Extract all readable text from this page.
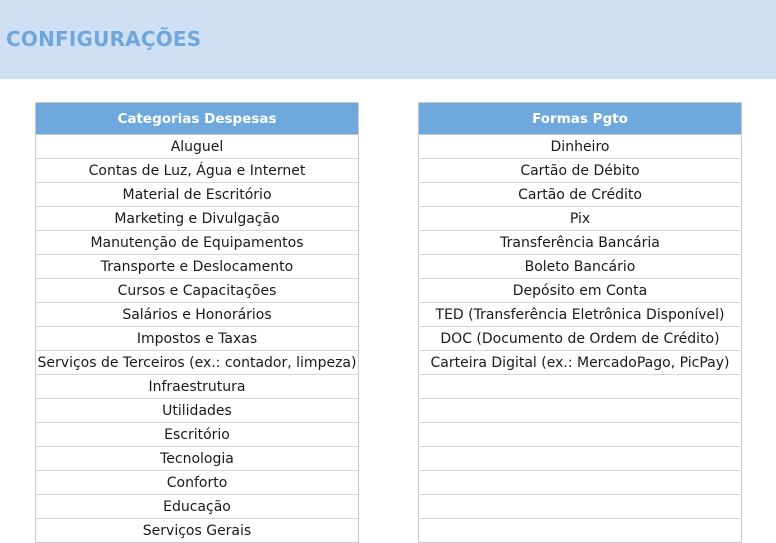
CONFIGURAÇÕES
Categorias Despesas
Aluguel
Contas de Luz, Água e Internet
Material de Escritório
Marketing e Divulgação
Manutenção de Equipamentos
Transporte e Deslocamento
Cursos e Capacitações
Salários e Honorários
Impostos e Taxas
Serviços de Terceiros (ex.: contador, limpeza)
Infraestrutura
Utilidades
Escritório
Tecnologia
Conforto
Educação
Serviços Gerais
Formas Pgto
Dinheiro
Cartão de Débito
Cartão de Crédito
Pix
Transferência Bancária
Boleto Bancário
Depósito em Conta
TED (Transferência Eletrônica Disponível)
DOC (Documento de Ordem de Crédito)
Carteira Digital (ex.: MercadoPago, PicPay)
